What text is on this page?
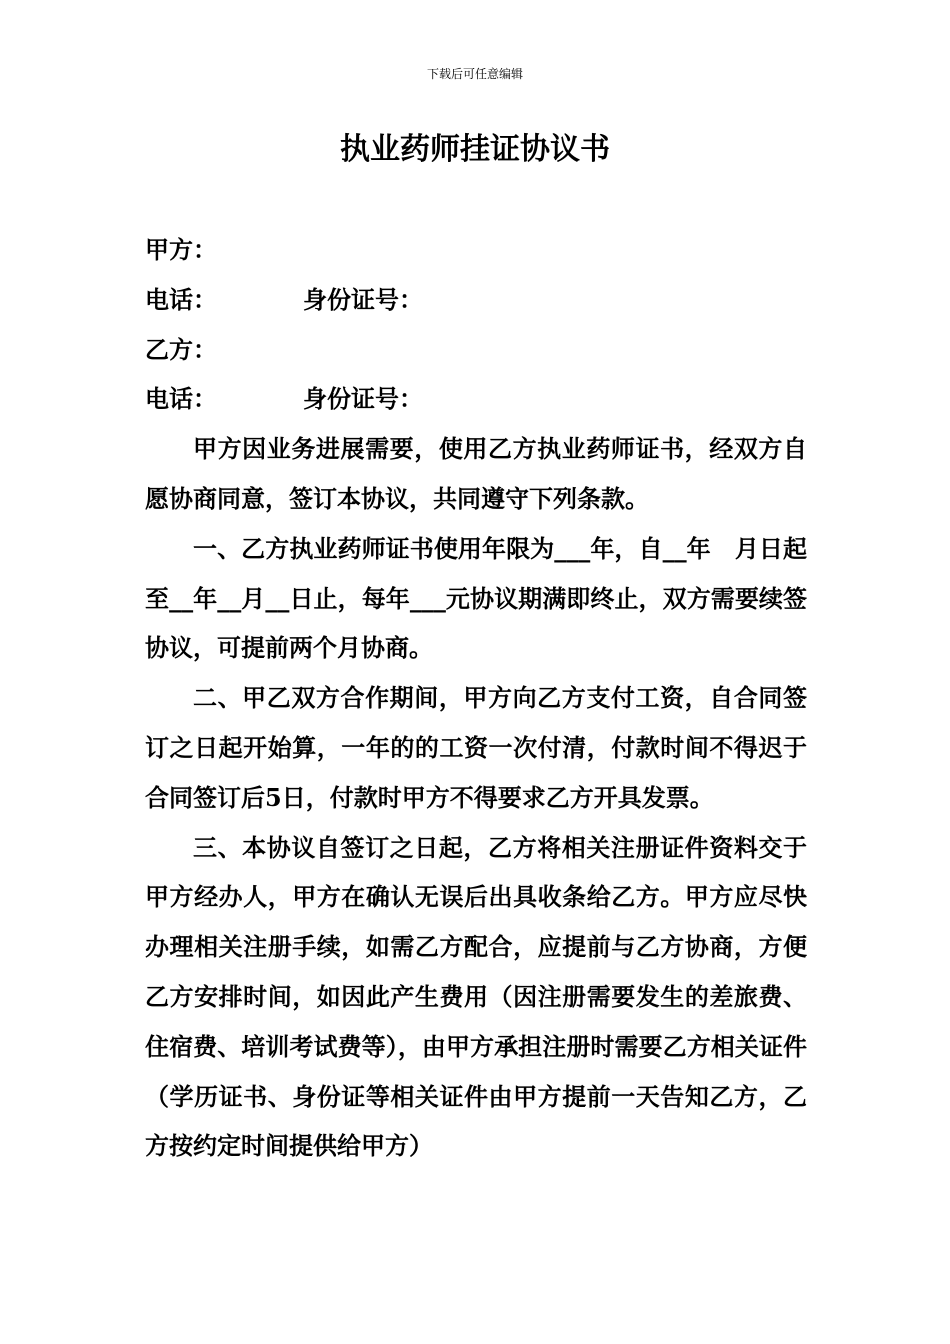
下载后可任意编辑
执业药师挂证协议书
甲方：
电话：	身份证号：
乙方：
电话：	身份证号：

甲方因业务进展需要，使用乙方执业药师证书，经双方自愿协商同意，签订本协议，共同遵守下列条款。

一、乙方执业药师证书使用年限为___年，自__年　月日起至__年__月__日止，每年___元协议期满即终止，双方需要续签协议，可提前两个月协商。

二、甲乙双方合作期间，甲方向乙方支付工资，自合同签订之日起开始算，一年的的工资一次付清，付款时间不得迟于合同签订后5日，付款时甲方不得要求乙方开具发票。

三、本协议自签订之日起，乙方将相关注册证件资料交于甲方经办人，甲方在确认无误后出具收条给乙方。甲方应尽快办理相关注册手续，如需乙方配合，应提前与乙方协商，方便乙方安排时间，如因此产生费用（因注册需要发生的差旅费、住宿费、培训考试费等），由甲方承担注册时需要乙方相关证件（学历证书、身份证等相关证件由甲方提前一天告知乙方，乙方按约定时间提供给甲方）
